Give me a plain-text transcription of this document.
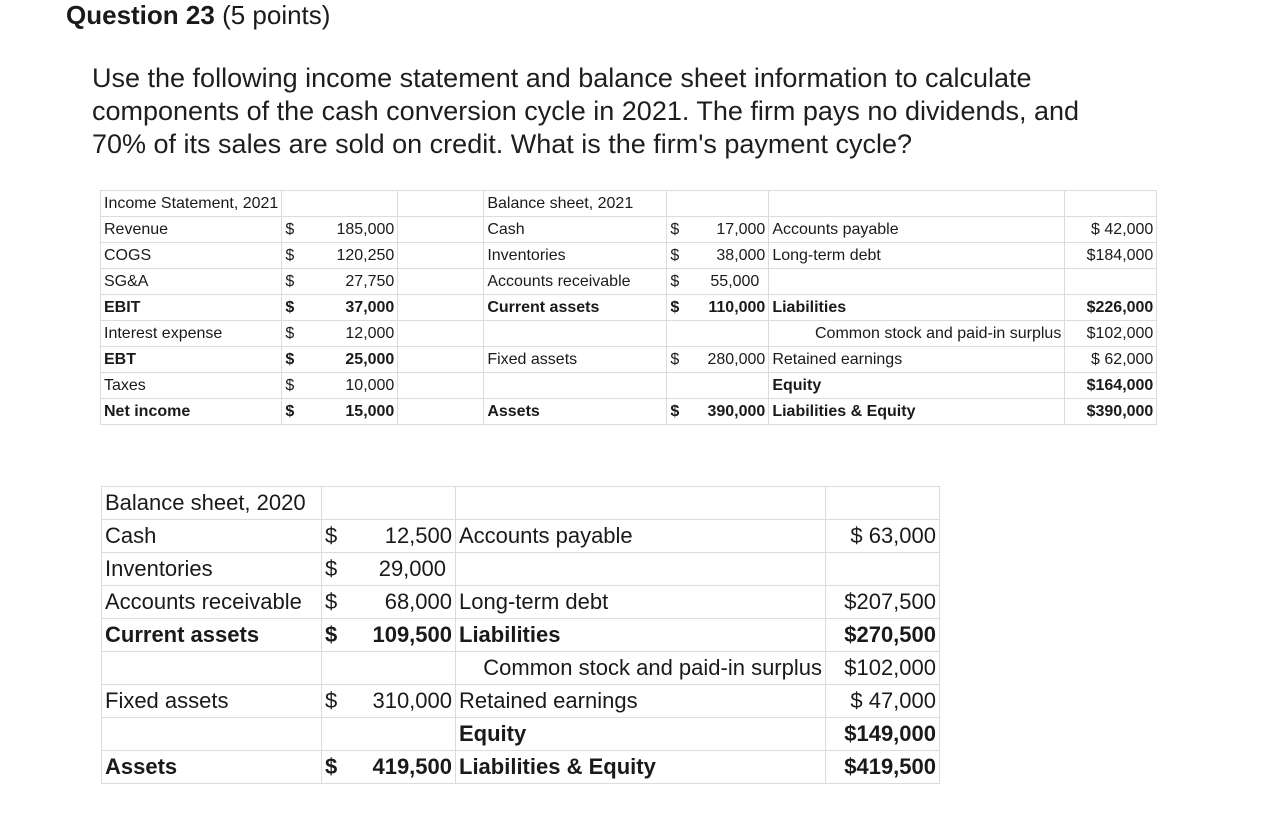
Question 23 (5 points)
Use the following income statement and balance sheet information to calculate components of the cash conversion cycle in 2021. The firm pays no dividends, and 70% of its sales are sold on credit. What is the firm's payment cycle?
Income Statement, 2021			Balance sheet, 2021			
Revenue	$ 185,000		Cash	$ 17,000	Accounts payable	$ 42,000
COGS	$ 120,250		Inventories	$ 38,000	Long-term debt	$184,000
SG&A	$ 27,750		Accounts receivable	$ 55,000		

EBIT	$ 37,000		Current assets	$ 110,000	Liabilities	$226,000
Interest expense	$ 12,000				Common stock and paid-in surplus	$102,000
EBT	$ 25,000		Fixed assets	$ 280,000	Retained earnings	$ 62,000
Taxes	$ 10,000				Equity	$164,000
Net income	$ 15,000		Assets	$ 390,000	Liabilities & Equity	$390,000
Balance sheet, 2020			
Cash	$ 12,500	Accounts payable	$ 63,000
Inventories	$ 29,000		

Accounts receivable	$ 68,000	Long-term debt	$207,500
Current assets	$ 109,500	Liabilities	$270,500
		Common stock and paid-in surplus	$102,000
Fixed assets	$ 310,000	Retained earnings	$ 47,000
		Equity	$149,000
Assets	$ 419,500	Liabilities & Equity	$419,500
